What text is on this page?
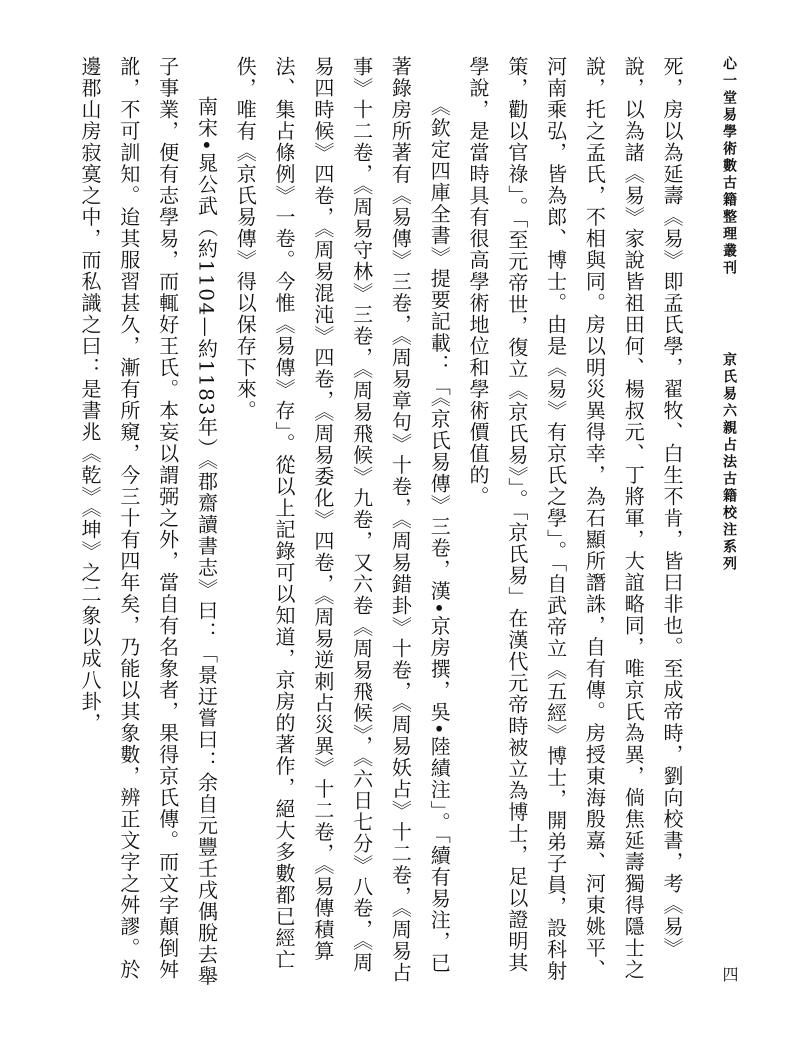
心一堂易學術數古籍整理叢刊
京氏易六親占法古籍校注系列
四

死，房以為延壽《易》即孟氏學，翟牧、白生不肯，皆曰非也。至成帝時，劉向校書，考《易》說，以為諸《易》家說皆祖田何、楊叔元、丁將軍，大誼略同，唯京氏為異，倘焦延壽獨得隱士之說，托之孟氏，不相與同。房以明災異得幸，為石顯所譖誅，自有傳。房授東海殷嘉、河東姚平、河南乘弘，皆為郎、博士。由是《易》有京氏之學」。「自武帝立《五經》博士，開弟子員，設科射策，勸以官祿」。「至元帝世，復立《京氏易》」。「京氏易」在漢代元帝時被立為博士，足以證明其學說，是當時具有很高學術地位和學術價值的。

《欽定四庫全書》提要記載：「《京氏易傳》三卷，漢•京房撰，吳•陸績注」。「續有易注，已著錄房所著有《易傳》三卷，《周易章句》十卷，《周易錯卦》十卷，《周易妖占》十二卷，《周易占事》十二卷，《周易守林》三卷，《周易飛候》九卷，又六卷《周易飛候》，《六日七分》八卷，《周易四時候》四卷，《周易混沌》四卷，《周易委化》四卷，《周易逆刺占災異》十二卷，《易傳積算法、集占條例》一卷。今惟《易傳》存」。從以上記錄可以知道，京房的著作，絕大多數都已經亡佚，唯有《京氏易傳》得以保存下來。

南宋•晁公武（約1104—約1183年）《郡齋讀書志》曰：「景迂嘗曰：余自元豐壬戌偶脫去舉子事業，便有志學易，而輒好王氏。本妄以謂弼之外，當自有名象者，果得京氏傳。而文字顛倒舛訛，不可訓知。迨其服習甚久，漸有所窺，今三十有四年矣，乃能以其象數，辨正文字之舛謬。於邊郡山房寂寞之中，而私識之曰：是書兆《乾》《坤》之二象以成八卦，
